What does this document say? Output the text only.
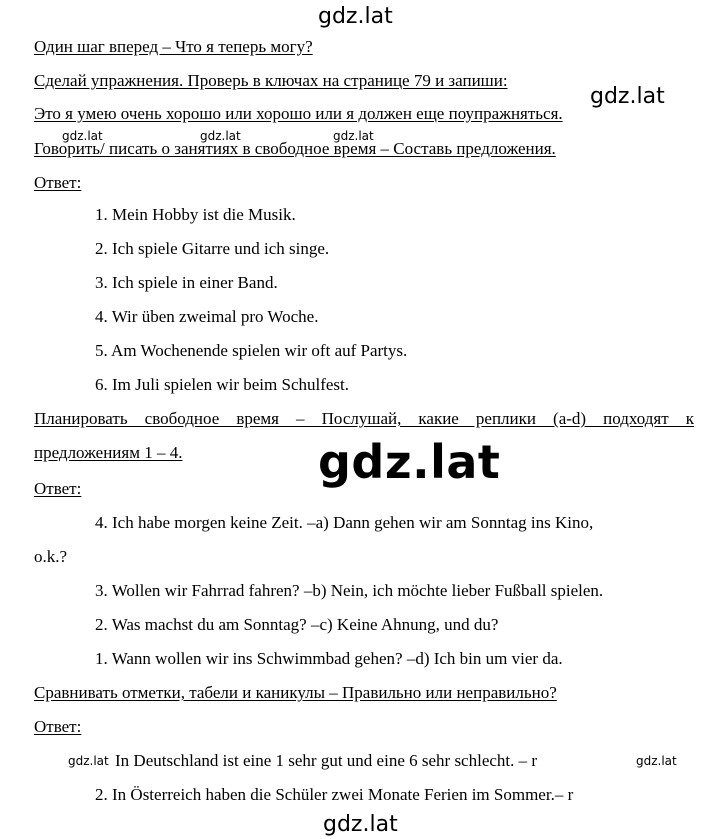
gdz.lat
Один шаг вперед – Что я теперь могу?
Сделай упражнения. Проверь в ключах на странице 79 и запиши:
gdz.lat
Это я умею очень хорошо или хорошо или я должен еще поупражняться.
gdz.lat	gdz.lat	gdz.lat
Говорить/ писать о занятиях в свободное время – Составь предложения.
Ответ:
1. Mein Hobby ist die Musik.
2. Ich spiele Gitarre und ich singe.
3. Ich spiele in einer Band.
4. Wir üben zweimal pro Woche.
5. Am Wochenende spielen wir oft auf Partys.
6. Im Juli spielen wir beim Schulfest.
Планировать свободное время – Послушай, какие реплики (a-d) подходят к
предложениям 1 – 4.	gdz.lat
Ответ:
4. Ich habe morgen keine Zeit. –a) Dann gehen wir am Sonntag ins Kino,
o.k.?
3. Wollen wir Fahrrad fahren? –b) Nein, ich möchte lieber Fußball spielen.
2. Was machst du am Sonntag? –c) Keine Ahnung, und du?
1. Wann wollen wir ins Schwimmbad gehen? –d) Ich bin um vier da.
Сравнивать отметки, табели и каникулы – Правильно или неправильно?
Ответ:
gdz.lat In Deutschland ist eine 1 sehr gut und eine 6 sehr schlecht. – r	gdz.lat
2. In Österreich haben die Schüler zwei Monate Ferien im Sommer.– r
gdz.lat
